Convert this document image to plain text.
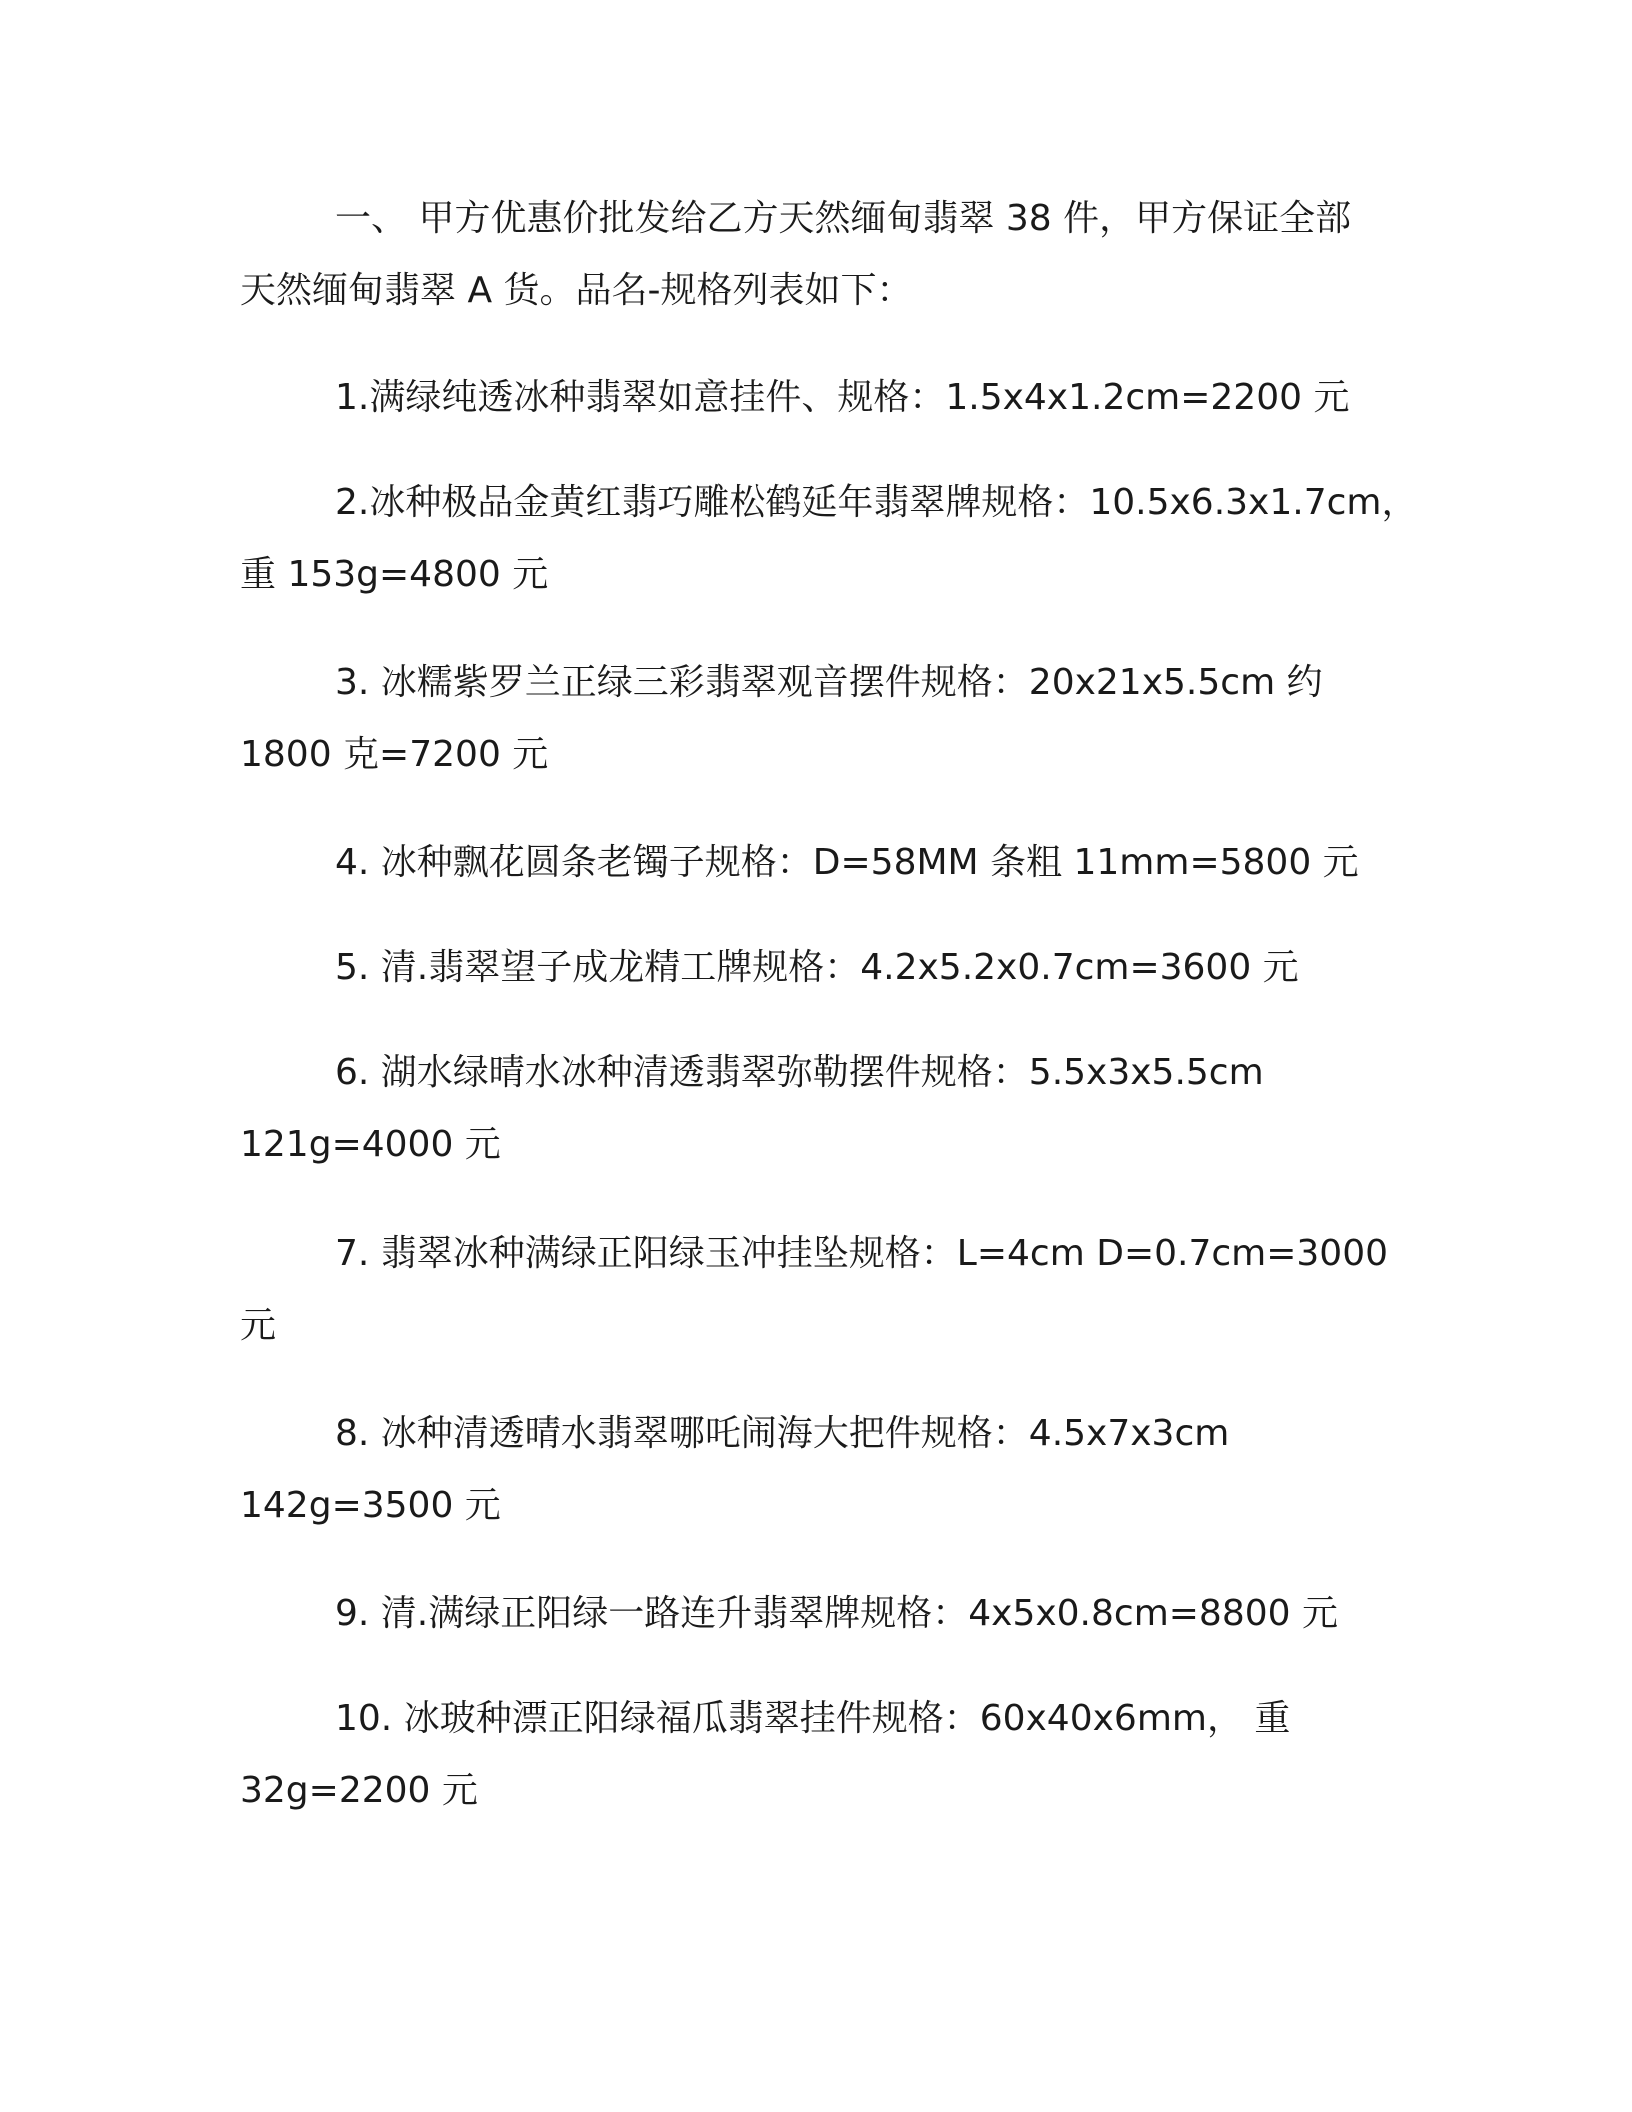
一、 甲方优惠价批发给乙方天然缅甸翡翠 38 件，甲方保证全部
天然缅甸翡翠 A 货。品名-规格列表如下：

1.满绿纯透冰种翡翠如意挂件、规格：1.5x4x1.2cm=2200 元

2.冰种极品金黄红翡巧雕松鹤延年翡翠牌规格：10.5x6.3x1.7cm，
重 153g=4800 元

3. 冰糯紫罗兰正绿三彩翡翠观音摆件规格：20x21x5.5cm 约
1800 克=7200 元

4. 冰种飘花圆条老镯子规格：D=58MM 条粗 11mm=5800 元

5. 清.翡翠望子成龙精工牌规格：4.2x5.2x0.7cm=3600 元

6. 湖水绿晴水冰种清透翡翠弥勒摆件规格：5.5x3x5.5cm
121g=4000 元

7. 翡翠冰种满绿正阳绿玉冲挂坠规格：L=4cm D=0.7cm=3000
元

8. 冰种清透晴水翡翠哪吒闹海大把件规格：4.5x7x3cm
142g=3500 元

9. 清.满绿正阳绿一路连升翡翠牌规格：4x5x0.8cm=8800 元

10. 冰玻种漂正阳绿福瓜翡翠挂件规格：60x40x6mm， 重
32g=2200 元
